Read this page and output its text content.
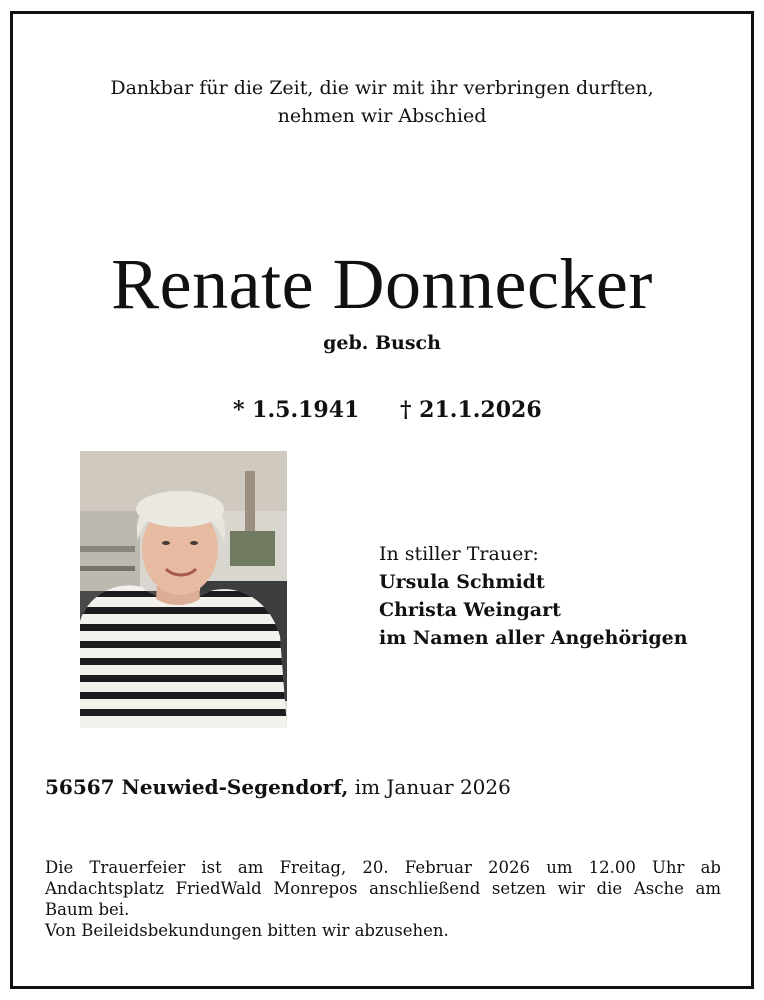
Dankbar für die Zeit, die wir mit ihr verbringen durften,
nehmen wir Abschied
Renate Donnecker
geb. Busch
* 1.5.1941 † 21.1.2026
In stiller Trauer:
Ursula Schmidt
Christa Weingart
im Namen aller Angehörigen
56567 Neuwied-Segendorf, im Januar 2026
Die Trauerfeier ist am Freitag, 20. Februar 2026 um 12.00 Uhr ab Andachtsplatz FriedWald Monrepos anschließend setzen wir die Asche am Baum bei.
Von Beileidsbekundungen bitten wir abzusehen.
